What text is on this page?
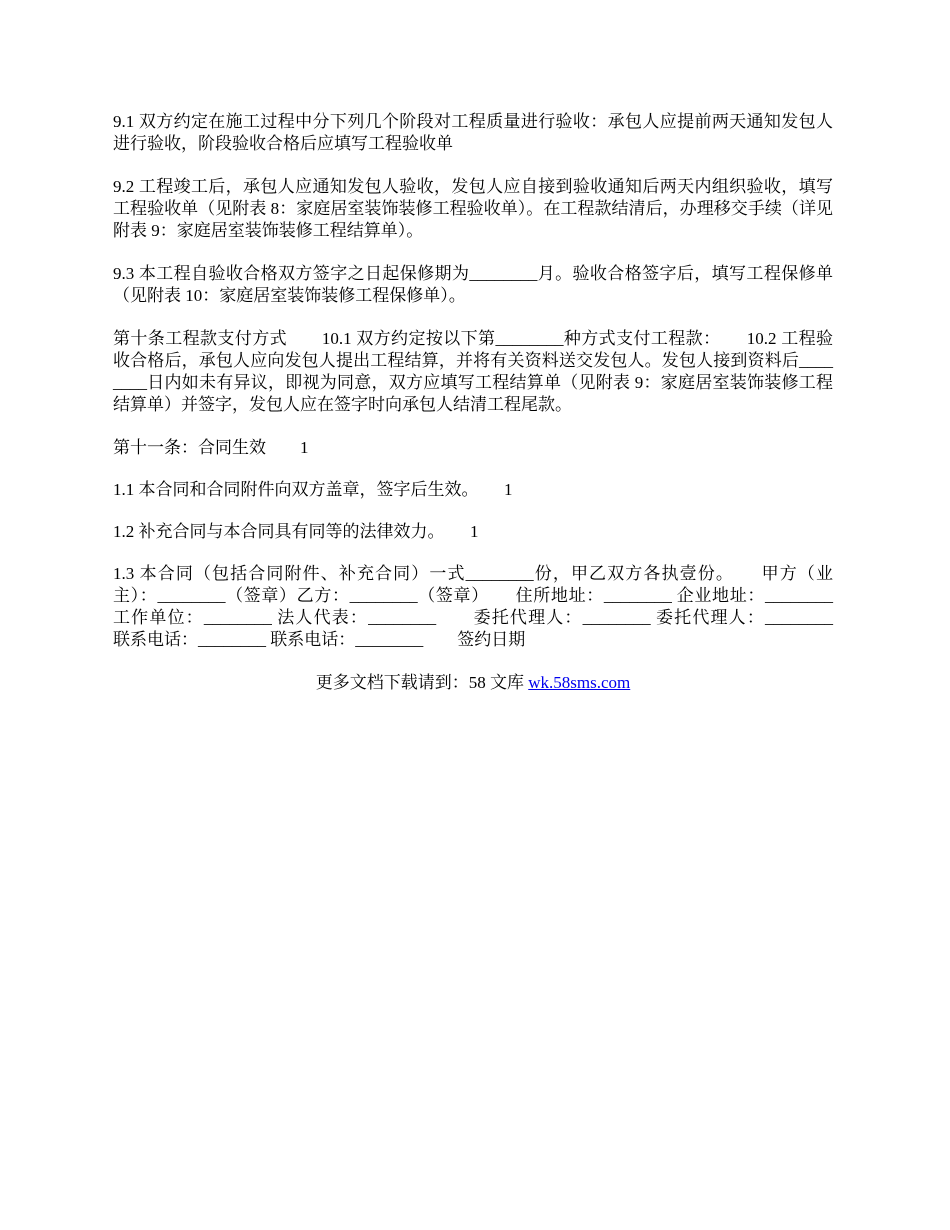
9.1 双方约定在施工过程中分下列几个阶段对工程质量进行验收：承包人应提前两天通知发包人进行验收，阶段验收合格后应填写工程验收单

9.2 工程竣工后，承包人应通知发包人验收，发包人应自接到验收通知后两天内组织验收，填写工程验收单（见附表 8：家庭居室装饰装修工程验收单）。在工程款结清后，办理移交手续（详见附表 9：家庭居室装饰装修工程结算单）。

9.3 本工程自验收合格双方签字之日起保修期为________月。验收合格签字后，填写工程保修单（见附表 10：家庭居室装饰装修工程保修单）。

第十条工程款支付方式　　10.1 双方约定按以下第________种方式支付工程款：　　10.2 工程验收合格后，承包人应向发包人提出工程结算，并将有关资料送交发包人。发包人接到资料后________日内如未有异议，即视为同意，双方应填写工程结算单（见附表 9：家庭居室装饰装修工程结算单）并签字，发包人应在签字时向承包人结清工程尾款。

第十一条：合同生效　　1

1.1 本合同和合同附件向双方盖章，签字后生效。　　1

1.2 补充合同与本合同具有同等的法律效力。　　1

1.3 本合同（包括合同附件、补充合同）一式________份，甲乙双方各执壹份。　　甲方（业主）：________（签章）乙方：________（签章）　　住所地址：________ 企业地址：________　　工作单位：________ 法人代表：________　　委托代理人：________ 委托代理人：________　　联系电话：________ 联系电话：________　　签约日期

更多文档下载请到：58 文库 wk.58sms.com
